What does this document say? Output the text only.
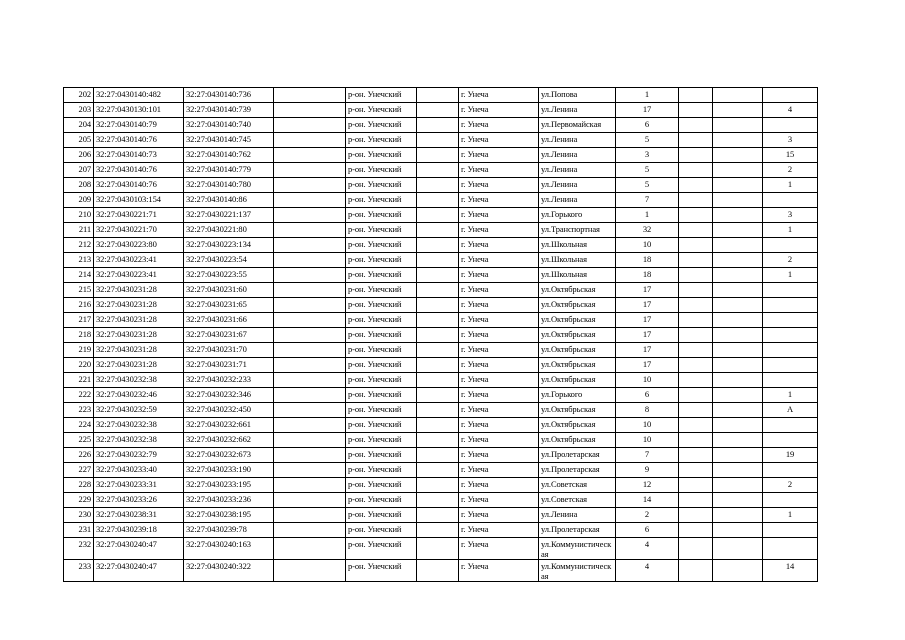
202	32:27:0430140:482	32:27:0430140:736		р-он. Унечский		г. Унеча	ул.Попова	1			
203	32:27:0430130:101	32:27:0430140:739		р-он. Унечский		г. Унеча	ул.Ленина	17			4
204	32:27:0430140:79	32:27:0430140:740		р-он. Унечский		г. Унеча	ул.Первомайская	6			
205	32:27:0430140:76	32:27:0430140:745		р-он. Унечский		г. Унеча	ул.Ленина	5			3
206	32:27:0430140:73	32:27:0430140:762		р-он. Унечский		г. Унеча	ул.Ленина	3			15
207	32:27:0430140:76	32:27:0430140:779		р-он. Унечский		г. Унеча	ул.Ленина	5			2
208	32:27:0430140:76	32:27:0430140:780		р-он. Унечский		г. Унеча	ул.Ленина	5			1
209	32:27:0430103:154	32:27:0430140:86		р-он. Унечский		г. Унеча	ул.Ленина	7			
210	32:27:0430221:71	32:27:0430221:137		р-он. Унечский		г. Унеча	ул.Горького	1			3
211	32:27:0430221:70	32:27:0430221:80		р-он. Унечский		г. Унеча	ул.Транспортная	32			1
212	32:27:0430223:80	32:27:0430223:134		р-он. Унечский		г. Унеча	ул.Школьная	10			
213	32:27:0430223:41	32:27:0430223:54		р-он. Унечский		г. Унеча	ул.Школьная	18			2
214	32:27:0430223:41	32:27:0430223:55		р-он. Унечский		г. Унеча	ул.Школьная	18			1
215	32:27:0430231:28	32:27:0430231:60		р-он. Унечский		г. Унеча	ул.Октябрьская	17			
216	32:27:0430231:28	32:27:0430231:65		р-он. Унечский		г. Унеча	ул.Октябрьская	17			
217	32:27:0430231:28	32:27:0430231:66		р-он. Унечский		г. Унеча	ул.Октябрьская	17			
218	32:27:0430231:28	32:27:0430231:67		р-он. Унечский		г. Унеча	ул.Октябрьская	17			
219	32:27:0430231:28	32:27:0430231:70		р-он. Унечский		г. Унеча	ул.Октябрьская	17			
220	32:27:0430231:28	32:27:0430231:71		р-он. Унечский		г. Унеча	ул.Октябрьская	17			
221	32:27:0430232:38	32:27:0430232:233		р-он. Унечский		г. Унеча	ул.Октябрьская	10			
222	32:27:0430232:46	32:27:0430232:346		р-он. Унечский		г. Унеча	ул.Горького	6			1
223	32:27:0430232:59	32:27:0430232:450		р-он. Унечский		г. Унеча	ул.Октябрьская	8			А
224	32:27:0430232:38	32:27:0430232:661		р-он. Унечский		г. Унеча	ул.Октябрьская	10			
225	32:27:0430232:38	32:27:0430232:662		р-он. Унечский		г. Унеча	ул.Октябрьская	10			
226	32:27:0430232:79	32:27:0430232:673		р-он. Унечский		г. Унеча	ул.Пролетарская	7			19
227	32:27:0430233:40	32:27:0430233:190		р-он. Унечский		г. Унеча	ул.Пролетарская	9			
228	32:27:0430233:31	32:27:0430233:195		р-он. Унечский		г. Унеча	ул.Советская	12			2
229	32:27:0430233:26	32:27:0430233:236		р-он. Унечский		г. Унеча	ул.Советская	14			
230	32:27:0430238:31	32:27:0430238:195		р-он. Унечский		г. Унеча	ул.Ленина	2			1
231	32:27:0430239:18	32:27:0430239:78		р-он. Унечский		г. Унеча	ул.Пролетарская	6			
232	32:27:0430240:47	32:27:0430240:163		р-он. Унечский		г. Унеча	ул.Коммунистическая	4			
233	32:27:0430240:47	32:27:0430240:322		р-он. Унечский		г. Унеча	ул.Коммунистическая	4			14
